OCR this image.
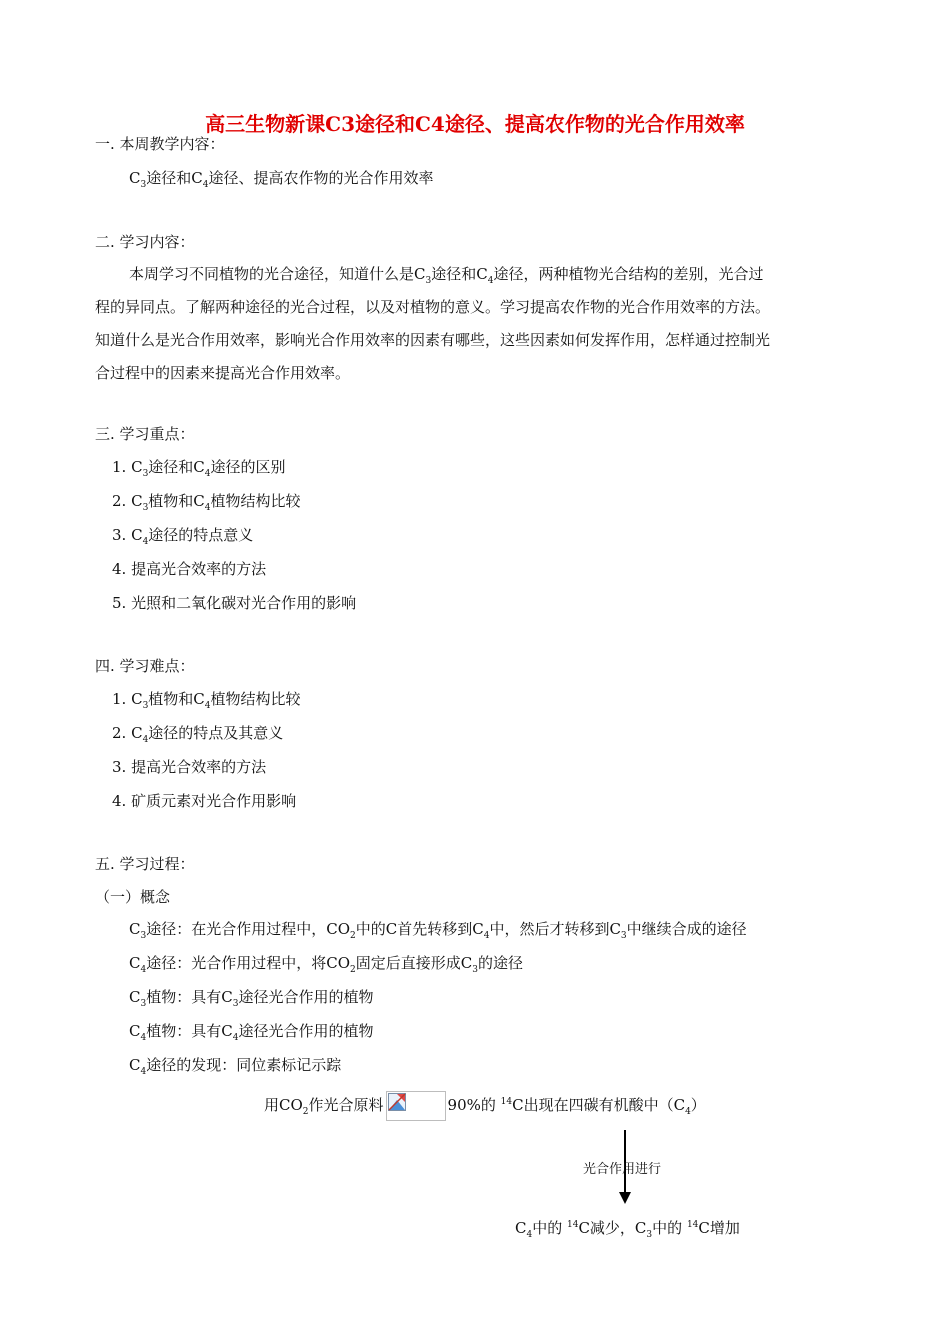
高三生物新课C3途径和C4途径、提高农作物的光合作用效率
一. 本周教学内容：
$C_3$途径和$C_4$途径、提高农作物的光合作用效率
二. 学习内容：
本周学习不同植物的光合途径，知道什么是$C_3$途径和$C_4$途径，两种植物光合结构的差别，光合过
程的异同点。了解两种途径的光合过程，以及对植物的意义。学习提高农作物的光合作用效率的方法。
知道什么是光合作用效率，影响光合作用效率的因素有哪些，这些因素如何发挥作用，怎样通过控制光
合过程中的因素来提高光合作用效率。
三. 学习重点：
1. $C_3$途径和$C_4$途径的区别
2. $C_3$植物和$C_4$植物结构比较
3. $C_4$途径的特点意义
4. 提高光合效率的方法
5. 光照和二氧化碳对光合作用的影响
四. 学习难点：
1. $C_3$植物和$C_4$植物结构比较
2. $C_4$途径的特点及其意义
3. 提高光合效率的方法
4. 矿质元素对光合作用影响
五. 学习过程：
（一）概念
$C_3$途径：在光合作用过程中，$CO_2$中的C首先转移到$C_4$中，然后才转移到$C_3$中继续合成的途径
$C_4$途径：光合作用过程中，将$CO_2$固定后直接形成$C_3$的途径
$C_3$植物：具有$C_3$途径光合作用的植物
$C_4$植物：具有$C_4$途径光合作用的植物
$C_4$途径的发现：同位素标记示踪
用$CO_2$作光合原料	90%的 $^{14}$C出现在四碳有机酸中$(C_4)$
光合作用进行
$C_4$中的 $^{14}$C减少，$C_3$中的 $^{14}$C增加
